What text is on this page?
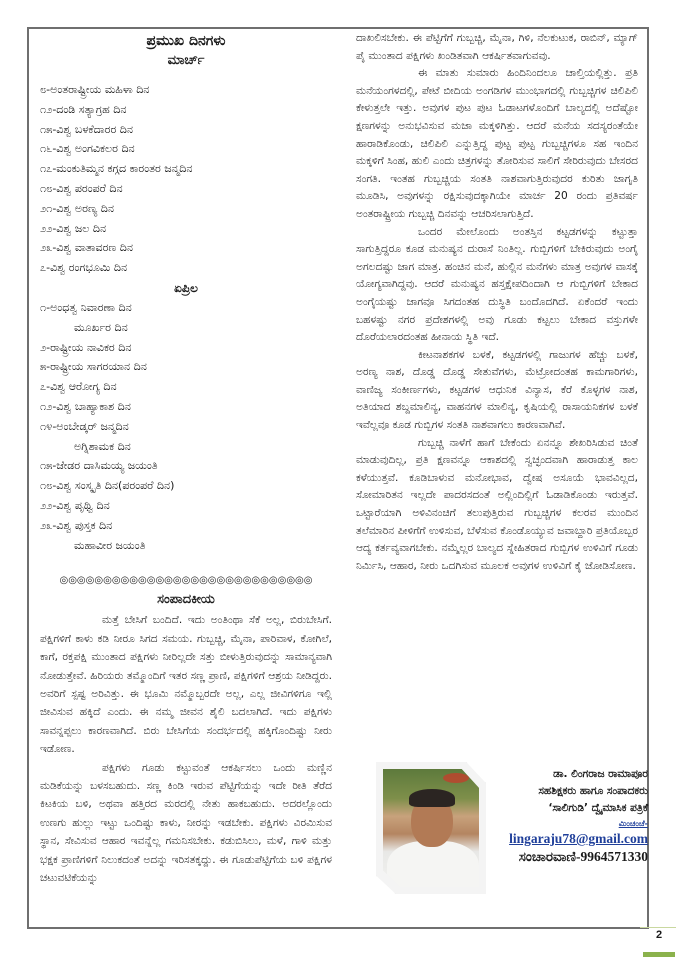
ಪ್ರಮುಖ ದಿನಗಳು
ಮಾರ್ಚ್
೮-ಅಂತರಾಷ್ಟ್ರೀಯ ಮಹಿಳಾ ದಿನ
೧೨-ದಂಡಿ ಸತ್ಯಾಗ್ರಹ ದಿನ
೧೫-ವಿಶ್ವ ಬಳಕೆದಾರರ ದಿನ
೧೬-ವಿಶ್ವ ಅಂಗವಿಕಲರ ದಿನ
೧೭-ಮಂಕುತಿಮ್ಮನ ಕಗ್ಗದ ಕಾರಂತರ ಜನ್ಮದಿನ
೧೮-ವಿಶ್ವ ಪರಂಪರೆ ದಿನ
೨೧-ವಿಶ್ವ ಅರಣ್ಯ ದಿನ
೨೨-ವಿಶ್ವ ಜಲ ದಿನ
೨೩-ವಿಶ್ವ ವಾತಾವರಣ ದಿನ
೭-ವಿಶ್ವ ರಂಗಭೂಮಿ ದಿನ
ಏಪ್ರಿಲ
೧-ಅಂಧತ್ವ ನಿವಾರಣಾ ದಿನ
ಮೂರ್ಖರ ದಿನ
೨-ರಾಷ್ಟ್ರೀಯ ನಾವಿಕರ ದಿನ
೫-ರಾಷ್ಟ್ರೀಯ ಸಾಗರಯಾನ ದಿನ
೭-ವಿಶ್ವ ಆರೋಗ್ಯ ದಿನ
೧೨-ವಿಶ್ವ ಬಾಹ್ಯಾಕಾಶ ದಿನ
೧೪-ಅಂಬೇಡ್ಕರ್ ಜನ್ಮದಿನ
ಅಗ್ನಿಶಾಮಕ ದಿನ
೧೫-ಜೇಡರ ದಾಸಿಮಯ್ಯ ಜಯಂತಿ
೧೮-ವಿಶ್ವ ಸಂಸ್ಕೃತಿ ದಿನ(ಪರಂಪರೆ ದಿನ)
೨೨-ವಿಶ್ವ ಪೃಥ್ವಿ ದಿನ
೨೩-ವಿಶ್ವ ಪುಸ್ತಕ ದಿನ
ಮಹಾವೀರ ಜಯಂತಿ
◎◎◎◎◎◎◎◎◎◎◎◎◎◎◎◎◎◎◎◎◎◎◎◎◎◎◎◎◎
ಸಂಪಾದಕೀಯ

ಮತ್ತೆ ಬೇಸಿಗೆ ಬಂದಿದೆ. ಇದು ಅಂತಿಂಥಾ ಸೆಕೆ ಅಲ್ಲ, ಬಿರುಬೇಸಿಗೆ. ಪಕ್ಷಿಗಳಿಗೆ ಕಾಳು ಕಡಿ ನೀರೂ ಸಿಗದ ಸಮಯ. ಗುಬ್ಬಚ್ಚಿ, ಮೈನಾ, ಪಾರಿವಾಳ, ಕೋಗಿಲೆ, ಕಾಗೆ, ರಕ್ತಪಕ್ಷಿ ಮುಂತಾದ ಪಕ್ಷಿಗಳು ನೀರಿಲ್ಲದೇ ಸತ್ತು ಬೀಳುತ್ತಿರುವುದನ್ನು ಸಾಮಾನ್ಯವಾಗಿ ನೋಡುತ್ತೇವೆ. ಹಿರಿಯರು ತಮ್ಮೊಂದಿಗೆ ಇತರ ಸಣ್ಣ ಪ್ರಾಣಿ, ಪಕ್ಷಿಗಳಿಗೆ ಆಶ್ರಯ ನೀಡಿದ್ದರು. ಅವರಿಗೆ ಸ್ಪಷ್ಟ ಅರಿವಿತ್ತು. ಈ ಭೂಮಿ ನಮ್ಮೊಬ್ಬರದೇ ಅಲ್ಲ, ಎಲ್ಲ ಜೀವಿಗಳಿಗೂ ಇಲ್ಲಿ ಜೀವಿಸುವ ಹಕ್ಕಿದೆ ಎಂದು. ಈ ನಮ್ಮ ಜೀವನ ಶೈಲಿ ಬದಲಾಗಿದೆ. ಇದು ಪಕ್ಷಿಗಳು ಸಾವನ್ನಪ್ಪಲು ಕಾರಣವಾಗಿದೆ. ಬಿರು ಬೇಸಿಗೆಯ ಸಂದರ್ಭದಲ್ಲಿ ಹಕ್ಕಿಗೊಂದಿಷ್ಟು ನೀರು ಇಡೋಣ.

ಪಕ್ಷಿಗಳು ಗೂಡು ಕಟ್ಟುವಂತೆ ಆಕರ್ಷಿಸಲು ಒಂದು ಮಣ್ಣಿನ ಮಡಿಕೆಯನ್ನು ಬಳಸಬಹುದು. ಸಣ್ಣ ಕಿಂಡಿ ಇರುವ ಪೆಟ್ಟಿಗೆಯನ್ನು ಇದೇ ರೀತಿ ತೆರೆದ ಕಿಟಕಿಯ ಬಳಿ, ಅಥವಾ ಹತ್ತಿರದ ಮರದಲ್ಲಿ ನೇತು ಹಾಕಬಹುದು. ಅದರಲ್ಲೊಂದು ಉಣಗು ಹುಲ್ಲು ಇಟ್ಟು ಒಂದಿಷ್ಟು ಕಾಳು, ನೀರನ್ನು ಇಡಬೇಕು. ಪಕ್ಷಿಗಳು ವಿರಮಿಸುವ ಸ್ಥಾನ, ಸೇವಿಸುವ ಆಹಾರ ಇವನ್ನೆಲ್ಲ ಗಮನಿಸಬೇಕು. ಕಡುಬಿಸಿಲು, ಮಳೆ, ಗಾಳಿ ಮತ್ತು ಭಕ್ಷಕ ಪ್ರಾಣಿಗಳಿಗೆ ನಿಲುಕದಂತೆ ಅದನ್ನು ಇರಿಸತಕ್ಕದ್ದು. ಈ ಗೂಡುಪೆಟ್ಟಿಗೆಯ ಬಳಿ ಪಕ್ಷಿಗಳ ಚಟುವಟಿಕೆಯನ್ನು

ದಾಖಲಿಸಬೇಕು. ಈ ಪೆಟ್ಟಿಗೆಗೆ ಗುಬ್ಬಚ್ಚಿ, ಮೈನಾ, ಗಿಳಿ, ನೆಲಕುಟುಕ, ರಾಬಿನ್, ಮ್ಯಾಗ್ ಪೈ ಮುಂತಾದ ಪಕ್ಷಿಗಳು ಖಂಡಿತವಾಗಿ ಆಕರ್ಷಿತವಾಗುವವು.

ಈ ಮಾತು ಸುಮಾರು ಹಿಂದಿನಿಂದಲೂ ಚಾಲ್ತಿಯಲ್ಲಿತ್ತು. ಪ್ರತಿ ಮನೆಯಂಗಳದಲ್ಲಿ, ಪೇಟೆ ಬೀದಿಯ ಅಂಗಡಿಗಳ ಮುಂಭಾಗದಲ್ಲಿ ಗುಬ್ಬಚ್ಚಿಗಳ ಚಿಲಿಪಿಲಿ ಕೇಳುತ್ತಲೇ ಇತ್ತು. ಅವುಗಳ ಪುಟ ಪುಟ ಓಡಾಟಗಳೊಂದಿಗೆ ಬಾಲ್ಯದಲ್ಲಿ ಅದೆಷ್ಟೋ ಕ್ಷಣಗಳನ್ನು ಅನುಭವಿಸುವ ಮಜಾ ಮಕ್ಕಳಿಗಿತ್ತು. ಆದರೆ ಮನೆಯ ಸದಸ್ಯರಂತೆಯೇ ಹಾರಾಡಿಕೊಂಡು, ಚಿಲಿಪಿಲಿ ಎನ್ನುತ್ತಿದ್ದ ಪುಟ್ಟ ಪುಟ್ಟ ಗುಬ್ಬಚ್ಚಿಗಳೂ ಸಹ ಇಂದಿನ ಮಕ್ಕಳಿಗೆ ಸಿಂಹ, ಹುಲಿ ಎಂದು ಚಿತ್ರಗಳನ್ನು ತೋರಿಸುವ ಸಾಲಿಗೆ ಸೇರಿರುವುದು ಬೇಸರದ ಸಂಗತಿ. ಇಂತಹ ಗುಬ್ಬಚ್ಚಿಯ ಸಂತತಿ ನಾಶವಾಗುತ್ತಿರುವುದರ ಕುರಿತು ಜಾಗೃತಿ ಮೂಡಿಸಿ, ಅವುಗಳನ್ನು ರಕ್ಷಿಸುವುದಕ್ಕಾಗಿಯೇ ಮಾರ್ಚ 20 ರಂದು ಪ್ರತಿವರ್ಷ ಅಂತರಾಷ್ಟ್ರೀಯ ಗುಬ್ಬಚ್ಚಿ ದಿನವನ್ನು ಆಚರಿಸಲಾಗುತ್ತಿದೆ.

ಒಂದರ ಮೇಲೊಂದು ಅಂತಸ್ತಿನ ಕಟ್ಟಡಗಳನ್ನು ಕಟ್ಟುತ್ತಾ ಸಾಗುತ್ತಿದ್ದರೂ ಕೂಡ ಮನುಷ್ಯನ ದುರಾಸೆ ನಿಂತಿಲ್ಲ. ಗುಬ್ಬಿಗಳಿಗೆ ಬೇಕಿರುವುದು ಅಂಗೈ ಅಗಲದಷ್ಟು ಜಾಗ ಮಾತ್ರ. ಹಂಚಿನ ಮನೆ, ಹುಲ್ಲಿನ ಮನೆಗಳು ಮಾತ್ರ ಅವುಗಳ ವಾಸಕ್ಕೆ ಯೋಗ್ಯವಾಗಿದ್ದವು. ಆದರೆ ಮನುಷ್ಯನ ಹಸ್ತಕ್ಷೇಪದಿಂದಾಗಿ ಆ ಗುಬ್ಬಿಗಳಿಗೆ ಬೇಕಾದ ಅಂಗೈಯಷ್ಟು ಜಾಗವೂ ಸಿಗದಂತಹ ದುಸ್ಥಿತಿ ಬಂದೊದಗಿದೆ. ಏಕೆಂದರೆ ಇಂದು ಬಹಳಷ್ಟು ನಗರ ಪ್ರದೇಶಗಳಲ್ಲಿ ಅವು ಗೂಡು ಕಟ್ಟಲು ಬೇಕಾದ ವಸ್ತುಗಳೇ ದೊರೆಯಲಾರದಂತಹ ಹೀನಾಯ ಸ್ಥಿತಿ ಇದೆ.

ಕೀಟನಾಶಕಗಳ ಬಳಕೆ, ಕಟ್ಟಡಗಳಲ್ಲಿ ಗಾಜುಗಳ ಹೆಚ್ಚು ಬಳಕೆ, ಅರಣ್ಯ ನಾಶ, ದೊಡ್ಡ ದೊಡ್ಡ ಸೇತುವೆಗಳು, ಮೆಟ್ರೋದಂತಹ ಕಾಮಗಾರಿಗಳು, ವಾಣಿಜ್ಯ ಸಂಕೀರ್ಣಗಳು, ಕಟ್ಟಡಗಳ ಆಧುನಿಕ ವಿನ್ಯಾಸ, ಕೆರೆ ಕೊಳ್ಳಗಳ ನಾಶ, ಅತಿಯಾದ ಶಬ್ದಮಾಲಿನ್ಯ, ವಾಹನಗಳ ಮಾಲಿನ್ಯ, ಕೃಷಿಯಲ್ಲಿ ರಾಸಾಯನಿಕಗಳ ಬಳಕೆ ಇವೆಲ್ಲವೂ ಕೂಡ ಗುಬ್ಬಿಗಳ ಸಂತತಿ ನಾಶವಾಗಲು ಕಾರಣವಾಗಿವೆ.

ಗುಬ್ಬಚ್ಚಿ ನಾಳೆಗೆ ಹಾಗೆ ಬೇಕೆಂದು ಏನನ್ನೂ ಶೇಖರಿಸಿಡುವ ಚಿಂತೆ ಮಾಡುವುದಿಲ್ಲ, ಪ್ರತಿ ಕ್ಷಣವನ್ನೂ ಆಕಾಶದಲ್ಲಿ ಸ್ವಚ್ಛಂದವಾಗಿ ಹಾರಾಡುತ್ತ ಕಾಲ ಕಳೆಯುತ್ತವೆ. ಕೂಡಿಬಾಳುವ ಮನೋಭಾವ, ದ್ವೇಷ ಅಸೂಯೆ ಭಾವವಿಲ್ಲದ, ಸೋಮಾರಿತನ ಇಲ್ಲದೇ ಪಾದರಸದಂತೆ ಅಲ್ಲಿಂದಿಲ್ಲಿಗೆ ಓಡಾಡಿಕೊಂಡು ಇರುತ್ತವೆ. ಒಟ್ಟಾರೆಯಾಗಿ ಅಳಿವಿನಂಚಿಗೆ ತಲುಪುತ್ತಿರುವ ಗುಬ್ಬಚ್ಚಿಗಳ ಕಲರವ ಮುಂದಿನ ತಲೆಮಾರಿನ ಪೀಳಿಗೆಗೆ ಉಳಿಸುವ, ಬೆಳೆಸುವ ಕೊಂಡೊಯ್ಯುವ ಜವಾಬ್ದಾರಿ ಪ್ರತಿಯೊಬ್ಬರ ಆದ್ಯ ಕರ್ತವ್ಯವಾಗಬೇಕು. ನಮ್ಮೆಲ್ಲರ ಬಾಲ್ಯದ ಸ್ನೇಹಿತರಾದ ಗುಬ್ಬಿಗಳ ಉಳಿವಿಗೆ ಗೂಡು ನಿರ್ಮಿಸಿ, ಆಹಾರ, ನೀರು ಒದಗಿಸುವ ಮೂಲಕ ಅವುಗಳ ಉಳಿವಿಗೆ ಕೈ ಜೋಡಿಸೋಣ.

ಡಾ. ಲಿಂಗರಾಜ ರಾಮಾಪೂರ
ಸಹಶಿಕ್ಷಕರು ಹಾಗೂ ಸಂಪಾದಕರು
‘ಸಾಲಿಗುಡಿ’ ದ್ವೈಮಾಸಿಕ ಪತ್ರಿಕೆ
ಮಿಂಚಂಚೆ-
lingaraju78@gmail.com
ಸಂಚಾರವಾಣಿ-9964571330
2
